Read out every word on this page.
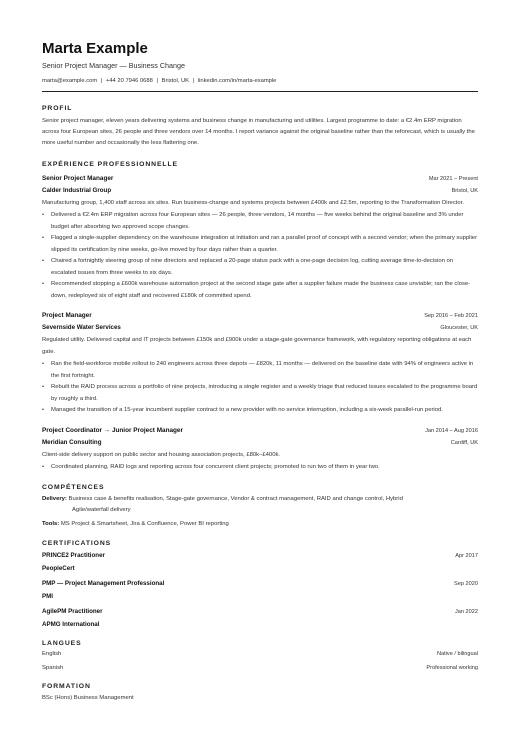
Marta Example
Senior Project Manager — Business Change
marta@example.com | +44 20 7946 0688 | Bristol, UK | linkedin.com/in/marta-example
PROFIL
Senior project manager, eleven years delivering systems and business change in manufacturing and utilities. Largest programme to date: a €2.4m ERP migration across four European sites, 26 people and three vendors over 14 months. I report variance against the original baseline rather than the reforecast, which is usually the more useful number and occasionally the less flattering one.
EXPÉRIENCE PROFESSIONNELLE
Senior Project Manager	Mar 2021 – Present
Calder Industrial Group	Bristol, UK
Manufacturing group, 1,400 staff across six sites. Run business-change and systems projects between £400k and £2.5m, reporting to the Transformation Director.
• Delivered a €2.4m ERP migration across four European sites — 26 people, three vendors, 14 months — five weeks behind the original baseline and 3% under budget after absorbing two approved scope changes.
• Flagged a single-supplier dependency on the warehouse integration at initiation and ran a parallel proof of concept with a second vendor; when the primary supplier slipped its certification by nine weeks, go-live moved by four days rather than a quarter.
• Chaired a fortnightly steering group of nine directors and replaced a 20-page status pack with a one-page decision log, cutting average time-to-decision on escalated issues from three weeks to six days.
• Recommended stopping a £600k warehouse automation project at the second stage gate after a supplier failure made the business case unviable; ran the close-down, redeployed six of eight staff and recovered £180k of committed spend.
Project Manager	Sep 2016 – Feb 2021
Severnside Water Services	Gloucester, UK
Regulated utility. Delivered capital and IT projects between £150k and £900k under a stage-gate governance framework, with regulatory reporting obligations at each gate.
• Ran the field-workforce mobile rollout to 240 engineers across three depots — £820k, 11 months — delivered on the baseline date with 94% of engineers active in the first fortnight.
• Rebuilt the RAID process across a portfolio of nine projects, introducing a single register and a weekly triage that reduced issues escalated to the programme board by roughly a third.
• Managed the transition of a 15-year incumbent supplier contract to a new provider with no service interruption, including a six-week parallel-run period.
Project Coordinator → Junior Project Manager	Jan 2014 – Aug 2016
Meridian Consulting	Cardiff, UK
Client-side delivery support on public sector and housing association projects, £80k–£400k.
• Coordinated planning, RAID logs and reporting across four concurrent client projects; promoted to run two of them in year two.
COMPÉTENCES
Delivery: Business case & benefits realisation, Stage-gate governance, Vendor & contract management, RAID and change control, Hybrid
Agile/waterfall delivery
Tools: MS Project & Smartsheet, Jira & Confluence, Power BI reporting
CERTIFICATIONS
PRINCE2 Practitioner	Apr 2017
PeopleCert
PMP — Project Management Professional	Sep 2020
PMI
AgilePM Practitioner	Jan 2022
APMG International
LANGUES
English	Native / bilingual
Spanish	Professional working
FORMATION
BSc (Hons) Business Management
